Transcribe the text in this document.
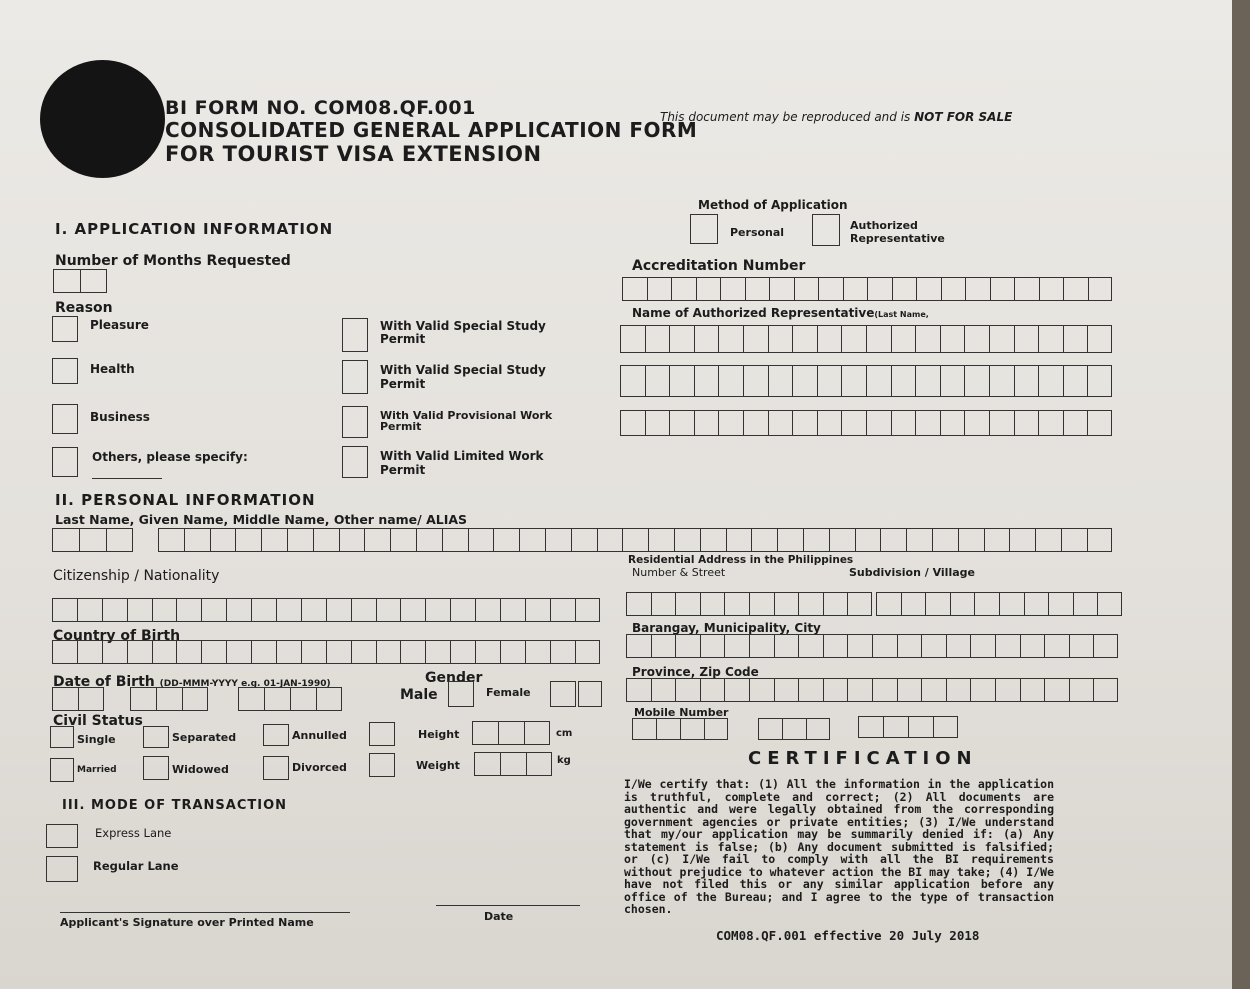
BI FORM NO. COM08.QF.001
CONSOLIDATED GENERAL APPLICATION FORM
FOR TOURIST VISA EXTENSION
This document may be reproduced and is NOT FOR SALE
I. APPLICATION INFORMATION
Number of Months Requested
Reason
Pleasure
Health
Business
Others, please specify:
With Valid Special Study Permit
With Valid Special Study Permit
With Valid Provisional Work Permit
With Valid Limited Work Permit
Method of Application
Personal
Authorized
Representative
Accreditation Number
Name of Authorized Representative(Last Name,
II. PERSONAL INFORMATION
Last Name, Given Name, Middle Name, Other name/ ALIAS
Citizenship / Nationality
Country of Birth
Date of Birth (DD-MMM-YYYY e.g. 01-JAN-1990)	Gender
Male	Female
Civil Status
Single	Separated	Annulled
Married	Widowed	Divorced
Height	cm
Weight	kg
Residential Address in the Philippines
Number & Street	Subdivision / Village
Barangay, Municipality, City
Province, Zip Code
Mobile Number
CERTIFICATION
I/We certify that: (1) All the information in the application is truthful, complete and correct; (2) All documents are authentic and were legally obtained from the corresponding government agencies or private entities; (3) I/We understand that my/our application may be summarily denied if: (a) Any statement is false; (b) Any document submitted is falsified; or (c) I/We fail to comply with all the BI requirements without prejudice to whatever action the BI may take; (4) I/We have not filed this or any similar application before any office of the Bureau; and I agree to the type of transaction chosen.
III. MODE OF TRANSACTION
Express Lane
Regular Lane
Applicant's Signature over Printed Name	Date
COM08.QF.001 effective 20 July 2018
